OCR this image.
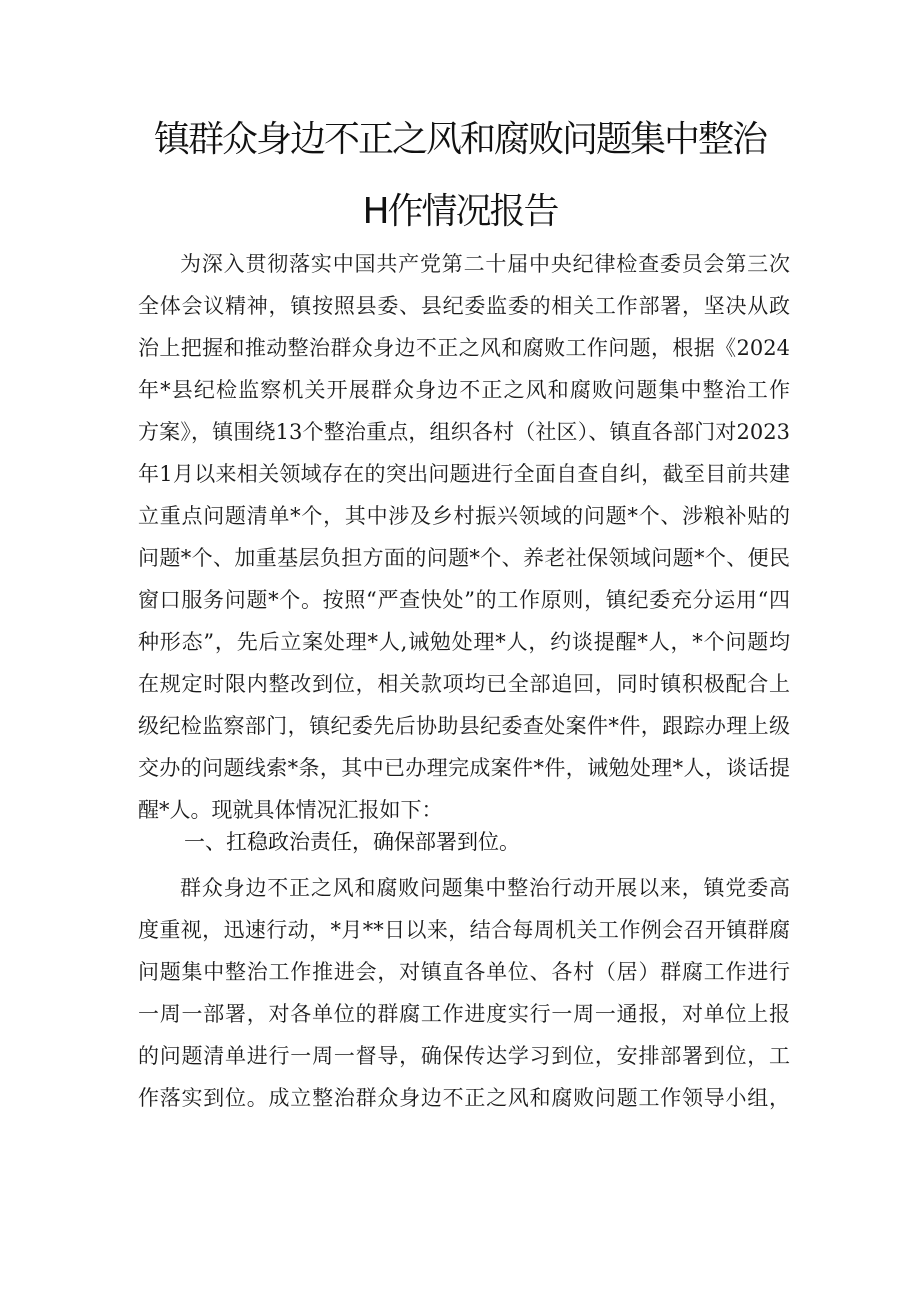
镇群众身边不正之风和腐败问题集中整治
H作情况报告
为深入贯彻落实中国共产党第二十届中央纪律检查委员会第三次
全体会议精神，镇按照县委、县纪委监委的相关工作部署，坚决从政
治上把握和推动整治群众身边不正之风和腐败工作问题，根据《2024
年*县纪检监察机关开展群众身边不正之风和腐败问题集中整治工作
方案》，镇围绕13个整治重点，组织各村（社区）、镇直各部门对2023
年1月以来相关领域存在的突出问题进行全面自查自纠，截至目前共建
立重点问题清单*个，其中涉及乡村振兴领域的问题*个、涉粮补贴的
问题*个、加重基层负担方面的问题*个、养老社保领域问题*个、便民
窗口服务问题*个。按照“严查快处”的工作原则，镇纪委充分运用“四
种形态”，先后立案处理*人,诫勉处理*人，约谈提醒*人，*个问题均
在规定时限内整改到位，相关款项均已全部追回，同时镇积极配合上
级纪检监察部门，镇纪委先后协助县纪委查处案件*件，跟踪办理上级
交办的问题线索*条，其中已办理完成案件*件，诫勉处理*人，谈话提
醒*人。现就具体情况汇报如下：
一、扛稳政治责任，确保部署到位。
群众身边不正之风和腐败问题集中整治行动开展以来，镇党委高
度重视，迅速行动，*月**日以来，结合每周机关工作例会召开镇群腐
问题集中整治工作推进会，对镇直各单位、各村（居）群腐工作进行
一周一部署，对各单位的群腐工作进度实行一周一通报，对单位上报
的问题清单进行一周一督导，确保传达学习到位，安排部署到位，工
作落实到位。成立整治群众身边不正之风和腐败问题工作领导小组，
